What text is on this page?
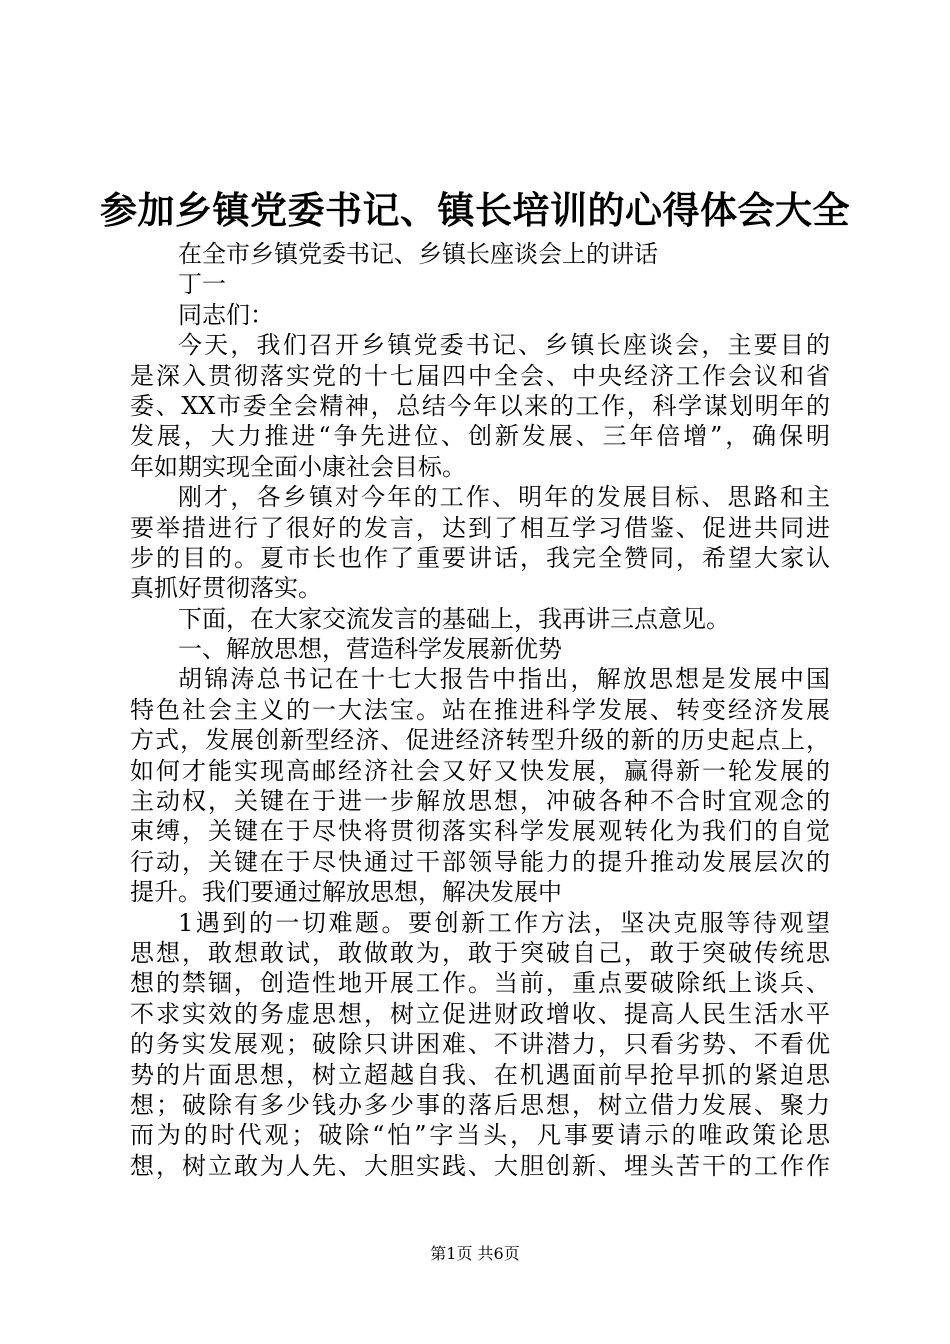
参加乡镇党委书记、镇长培训的心得体会大全
在全市乡镇党委书记、乡镇长座谈会上的讲话
丁一
同志们：
今天，我们召开乡镇党委书记、乡镇长座谈会，主要目的
是深入贯彻落实党的十七届四中全会、中央经济工作会议和省
委、XX市委全会精神，总结今年以来的工作，科学谋划明年的
发展，大力推进“争先进位、创新发展、三年倍增”，确保明
年如期实现全面小康社会目标。
刚才，各乡镇对今年的工作、明年的发展目标、思路和主
要举措进行了很好的发言，达到了相互学习借鉴、促进共同进
步的目的。夏市长也作了重要讲话，我完全赞同，希望大家认
真抓好贯彻落实。
下面，在大家交流发言的基础上，我再讲三点意见。
一、解放思想，营造科学发展新优势
胡锦涛总书记在十七大报告中指出，解放思想是发展中国
特色社会主义的一大法宝。站在推进科学发展、转变经济发展
方式，发展创新型经济、促进经济转型升级的新的历史起点上，
如何才能实现高邮经济社会又好又快发展，赢得新一轮发展的
主动权，关键在于进一步解放思想，冲破各种不合时宜观念的
束缚，关键在于尽快将贯彻落实科学发展观转化为我们的自觉
行动，关键在于尽快通过干部领导能力的提升推动发展层次的
提升。我们要通过解放思想，解决发展中
1遇到的一切难题。要创新工作方法，坚决克服等待观望
思想，敢想敢试，敢做敢为，敢于突破自己，敢于突破传统思
想的禁锢，创造性地开展工作。当前，重点要破除纸上谈兵、
不求实效的务虚思想，树立促进财政增收、提高人民生活水平
的务实发展观；破除只讲困难、不讲潜力，只看劣势、不看优
势的片面思想，树立超越自我、在机遇面前早抢早抓的紧迫思
想；破除有多少钱办多少事的落后思想，树立借力发展、聚力
而为的时代观；破除“怕”字当头，凡事要请示的唯政策论思
想，树立敢为人先、大胆实践、大胆创新、埋头苦干的工作作
第1页 共6页
